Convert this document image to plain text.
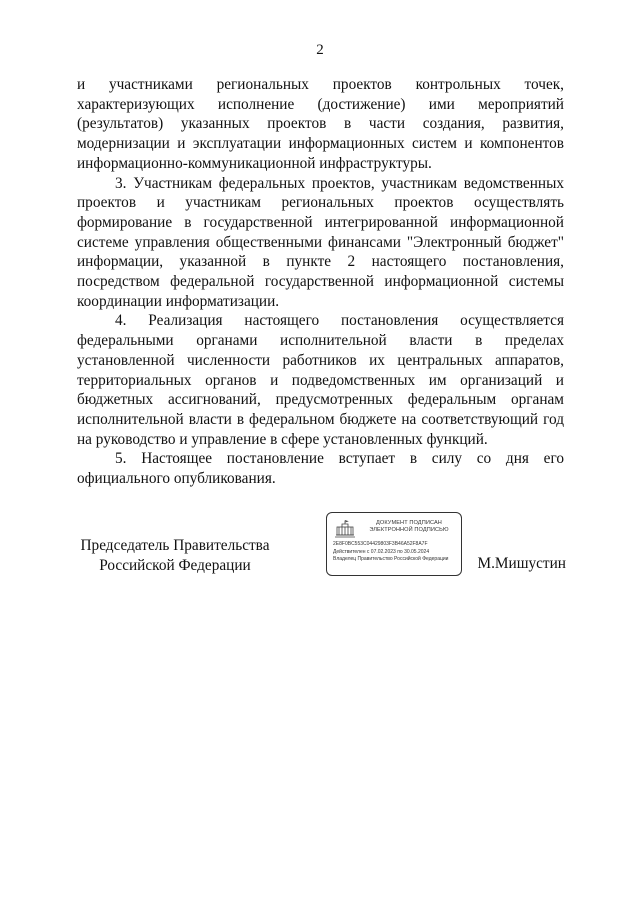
2

и участниками региональных проектов контрольных точек, характеризующих исполнение (достижение) ими мероприятий (результатов) указанных проектов в части создания, развития, модернизации и эксплуатации информационных систем и компонентов информационно-коммуникационной инфраструктуры.

3. Участникам федеральных проектов, участникам ведомственных проектов и участникам региональных проектов осуществлять формирование в государственной интегрированной информационной системе управления общественными финансами "Электронный бюджет" информации, указанной в пункте 2 настоящего постановления, посредством федеральной государственной информационной системы координации информатизации.

4. Реализация настоящего постановления осуществляется федеральными органами исполнительной власти в пределах установленной численности работников их центральных аппаратов, территориальных органов и подведомственных им организаций и бюджетных ассигнований, предусмотренных федеральным органам исполнительной власти в федеральном бюджете на соответствующий год на руководство и управление в сфере установленных функций.

5. Настоящее постановление вступает в силу со дня его официального опубликования.

Председатель Правительства
Российской Федерации
ДОКУМЕНТ ПОДПИСАН
ЭЛЕКТРОННОЙ ПОДПИСЬЮ
2E8F0BC553C04429803F3B46A52F8A7F
Действителен с 07.02.2023 по 30.05.2024
Владелец Правительство Российской Федерации	М.Мишустин
